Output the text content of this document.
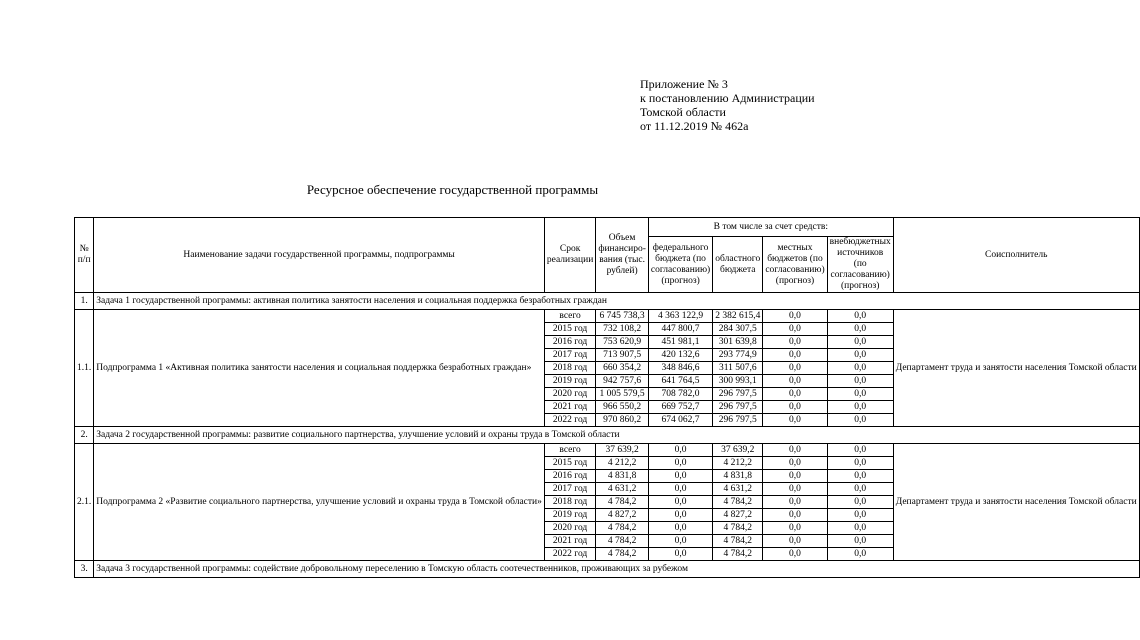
Приложение № 3
к постановлению Администрации
Томской области
от 11.12.2019 № 462а
Ресурсное обеспечение государственной программы
№ п/п	Наименование задачи государственной программы, подпрограммы	Срок реализации	Объем финансиро-вания (тыс. рублей)	В том числе за счет средств:				Соисполнитель
				федерального бюджета (по согласованию) (прогноз)	областного бюджета	местных бюджетов (по согласованию) (прогноз)	внебюджетных источников (по согласованию) (прогноз)	
1.	Задача 1 государственной программы: активная политика занятости населения и социальная поддержка безработных граждан							
1.1.	Подпрограмма 1 «Активная политика занятости населения и социальная поддержка безработных граждан»	всего	6 745 738,3	4 363 122,9	2 382 615,4	0,0	0,0	Департамент труда и занятости населения Томской области
		2015 год	732 108,2	447 800,7	284 307,5	0,0	0,0	
		2016 год	753 620,9	451 981,1	301 639,8	0,0	0,0	
		2017 год	713 907,5	420 132,6	293 774,9	0,0	0,0	
		2018 год	660 354,2	348 846,6	311 507,6	0,0	0,0	
		2019 год	942 757,6	641 764,5	300 993,1	0,0	0,0	
		2020 год	1 005 579,5	708 782,0	296 797,5	0,0	0,0	
		2021 год	966 550,2	669 752,7	296 797,5	0,0	0,0	
		2022 год	970 860,2	674 062,7	296 797,5	0,0	0,0	
2.	Задача 2 государственной программы: развитие социального партнерства, улучшение условий и охраны труда в Томской области							
2.1.	Подпрограмма 2 «Развитие социального партнерства, улучшение условий и охраны труда в Томской области»	всего	37 639,2	0,0	37 639,2	0,0	0,0	Департамент труда и занятости населения Томской области
		2015 год	4 212,2	0,0	4 212,2	0,0	0,0	
		2016 год	4 831,8	0,0	4 831,8	0,0	0,0	
		2017 год	4 631,2	0,0	4 631,2	0,0	0,0	
		2018 год	4 784,2	0,0	4 784,2	0,0	0,0	
		2019 год	4 827,2	0,0	4 827,2	0,0	0,0	
		2020 год	4 784,2	0,0	4 784,2	0,0	0,0	
		2021 год	4 784,2	0,0	4 784,2	0,0	0,0	
		2022 год	4 784,2	0,0	4 784,2	0,0	0,0	
3.	Задача 3 государственной программы: содействие добровольному переселению в Томскую область соотечественников, проживающих за рубежом							
